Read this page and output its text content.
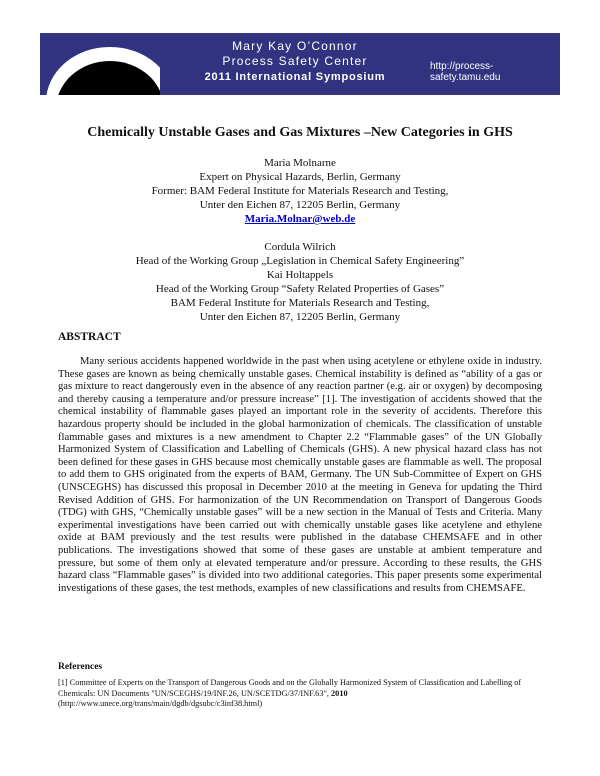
Mary Kay O’Connor
Process Safety Center
2011 International Symposium
http://process-safety.tamu.edu
Chemically Unstable Gases and Gas Mixtures –New Categories in GHS
Maria Molnarne
Expert on Physical Hazards, Berlin, Germany
Former: BAM Federal Institute for Materials Research and Testing,
Unter den Eichen 87, 12205 Berlin, Germany
Maria.Molnar@web.de
Cordula Wilrich
Head of the Working Group „Legislation in Chemical Safety Engineering”
Kai Holtappels
Head of the Working Group “Safety Related Properties of Gases”
BAM Federal Institute for Materials Research and Testing,
Unter den Eichen 87, 12205 Berlin, Germany
ABSTRACT
Many serious accidents happened worldwide in the past when using acetylene or ethylene oxide in industry. These gases are known as being chemically unstable gases. Chemical instability is defined as “ability of a gas or gas mixture to react dangerously even in the absence of any reaction partner (e.g. air or oxygen) by decomposing and thereby causing a temperature and/or pressure increase” [1]. The investigation of accidents showed that the chemical instability of flammable gases played an important role in the severity of accidents. Therefore this hazardous property should be included in the global harmonization of chemicals. The classification of unstable flammable gases and mixtures is a new amendment to Chapter 2.2 “Flammable gases” of the UN Globally Harmonized System of Classification and Labelling of Chemicals (GHS). A new physical hazard class has not been defined for these gases in GHS because most chemically unstable gases are flammable as well. The proposal to add them to GHS originated from the experts of BAM, Germany. The UN Sub-Committee of Expert on GHS (UNSCEGHS) has discussed this proposal in December 2010 at the meeting in Geneva for updating the Third Revised Addition of GHS. For harmonization of the UN Recommendation on Transport of Dangerous Goods (TDG) with GHS, “Chemically unstable gases” will be a new section in the Manual of Tests and Criteria. Many experimental investigations have been carried out with chemically unstable gases like acetylene and ethylene oxide at BAM previously and the test results were published in the database CHEMSAFE and in other publications. The investigations showed that some of these gases are unstable at ambient temperature and pressure, but some of them only at elevated temperature and/or pressure. According to these results, the GHS hazard class “Flammable gases” is divided into two additional categories. This paper presents some experimental investigations of these gases, the test methods, examples of new classifications and results from CHEMSAFE.
References
[1] Committee of Experts on the Transport of Dangerous Goods and on the Globally Harmonized System of Classification and Labelling of Chemicals: UN Documents "UN/SCEGHS/19/INF.26, UN/SCETDG/37/INF.63", 2010
(http://www.unece.org/trans/main/dgdb/dgsubc/c3inf38.html)
